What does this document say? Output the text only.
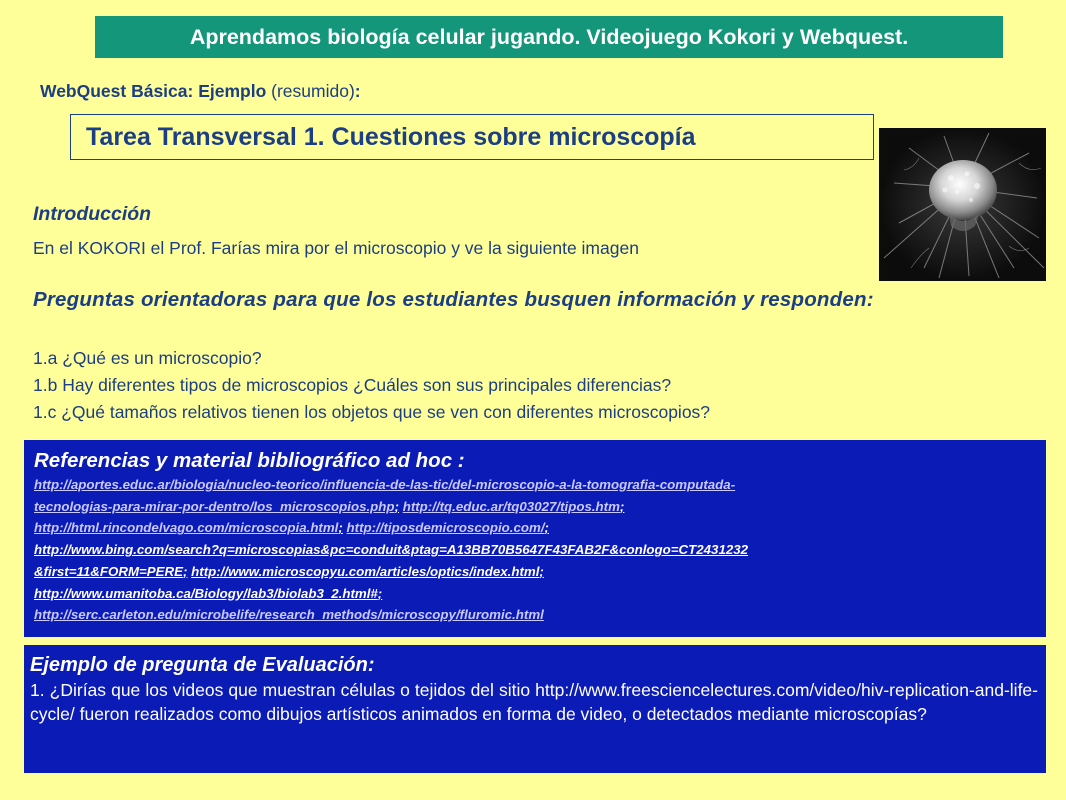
Aprendamos biología celular jugando. Videojuego Kokori y Webquest.
WebQuest Básica: Ejemplo (resumido):
Tarea Transversal 1. Cuestiones sobre microscopía
Introducción
En el KOKORI el Prof. Farías mira por el microscopio y ve la siguiente imagen
Preguntas orientadoras para que los estudiantes busquen información y responden:
1.a ¿Qué es un microscopio?
1.b Hay diferentes tipos de microscopios ¿Cuáles son sus principales diferencias?
1.c ¿Qué tamaños relativos tienen los objetos que se ven con diferentes microscopios?
Referencias y material bibliográfico ad hoc :
http://aportes.educ.ar/biologia/nucleo-teorico/influencia-de-las-tic/del-microscopio-a-la-tomografia-computada-
tecnologias-para-mirar-por-dentro/los_microscopios.php; http://tq.educ.ar/tq03027/tipos.htm;
http://html.rincondelvago.com/microscopia.html; http://tiposdemicroscopio.com/;
http://www.bing.com/search?q=microscopias&pc=conduit&ptag=A13BB70B5647F43FAB2F&conlogo=CT2431232
&first=11&FORM=PERE; http://www.microscopyu.com/articles/optics/index.html;
http://www.umanitoba.ca/Biology/lab3/biolab3_2.html#;
http://serc.carleton.edu/microbelife/research_methods/microscopy/fluromic.html
Ejemplo de pregunta de Evaluación:
1. ¿Dirías que los videos que muestran células o tejidos del sitio http://www.freesciencelectures.com/video/hiv-replication-and-life-cycle/ fueron realizados como dibujos artísticos animados en forma de video, o detectados mediante microscopías?
